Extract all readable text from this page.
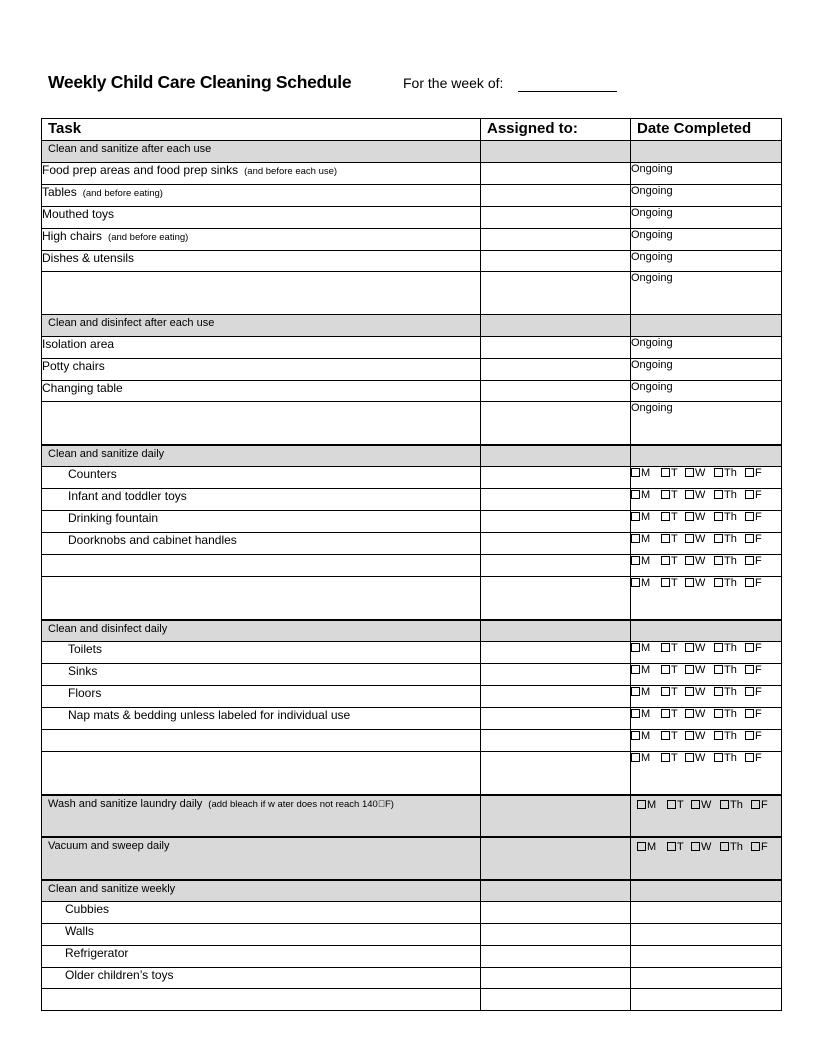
Weekly Child Care Cleaning Schedule	For the week of:
Task	Assigned to:	Date Completed
Clean and sanitize after each use		
Food prep areas and food prep sinks (and before each use)		Ongoing
Tables (and before eating)		Ongoing
Mouthed toys		Ongoing
High chairs (and before eating)		Ongoing
Dishes & utensils		Ongoing
		Ongoing
Clean and disinfect after each use		
Isolation area		Ongoing
Potty chairs		Ongoing
Changing table		Ongoing
		Ongoing
Clean and sanitize daily		
Counters		M T W Th F
Infant and toddler toys		M T W Th F
Drinking fountain		M T W Th F
Doorknobs and cabinet handles		M T W Th F
		M T W Th F
		M T W Th F
Clean and disinfect daily		
Toilets		M T W Th F
Sinks		M T W Th F
Floors		M T W Th F
Nap mats & bedding unless labeled for individual use		M T W Th F
		M T W Th F
		M T W Th F
Wash and sanitize laundry daily (add bleach if w ater does not reach 140 F)		M T W Th F
Vacuum and sweep daily		M T W Th F
Clean and sanitize weekly		
Cubbies		
Walls		
Refrigerator		
Older children’s toys		
